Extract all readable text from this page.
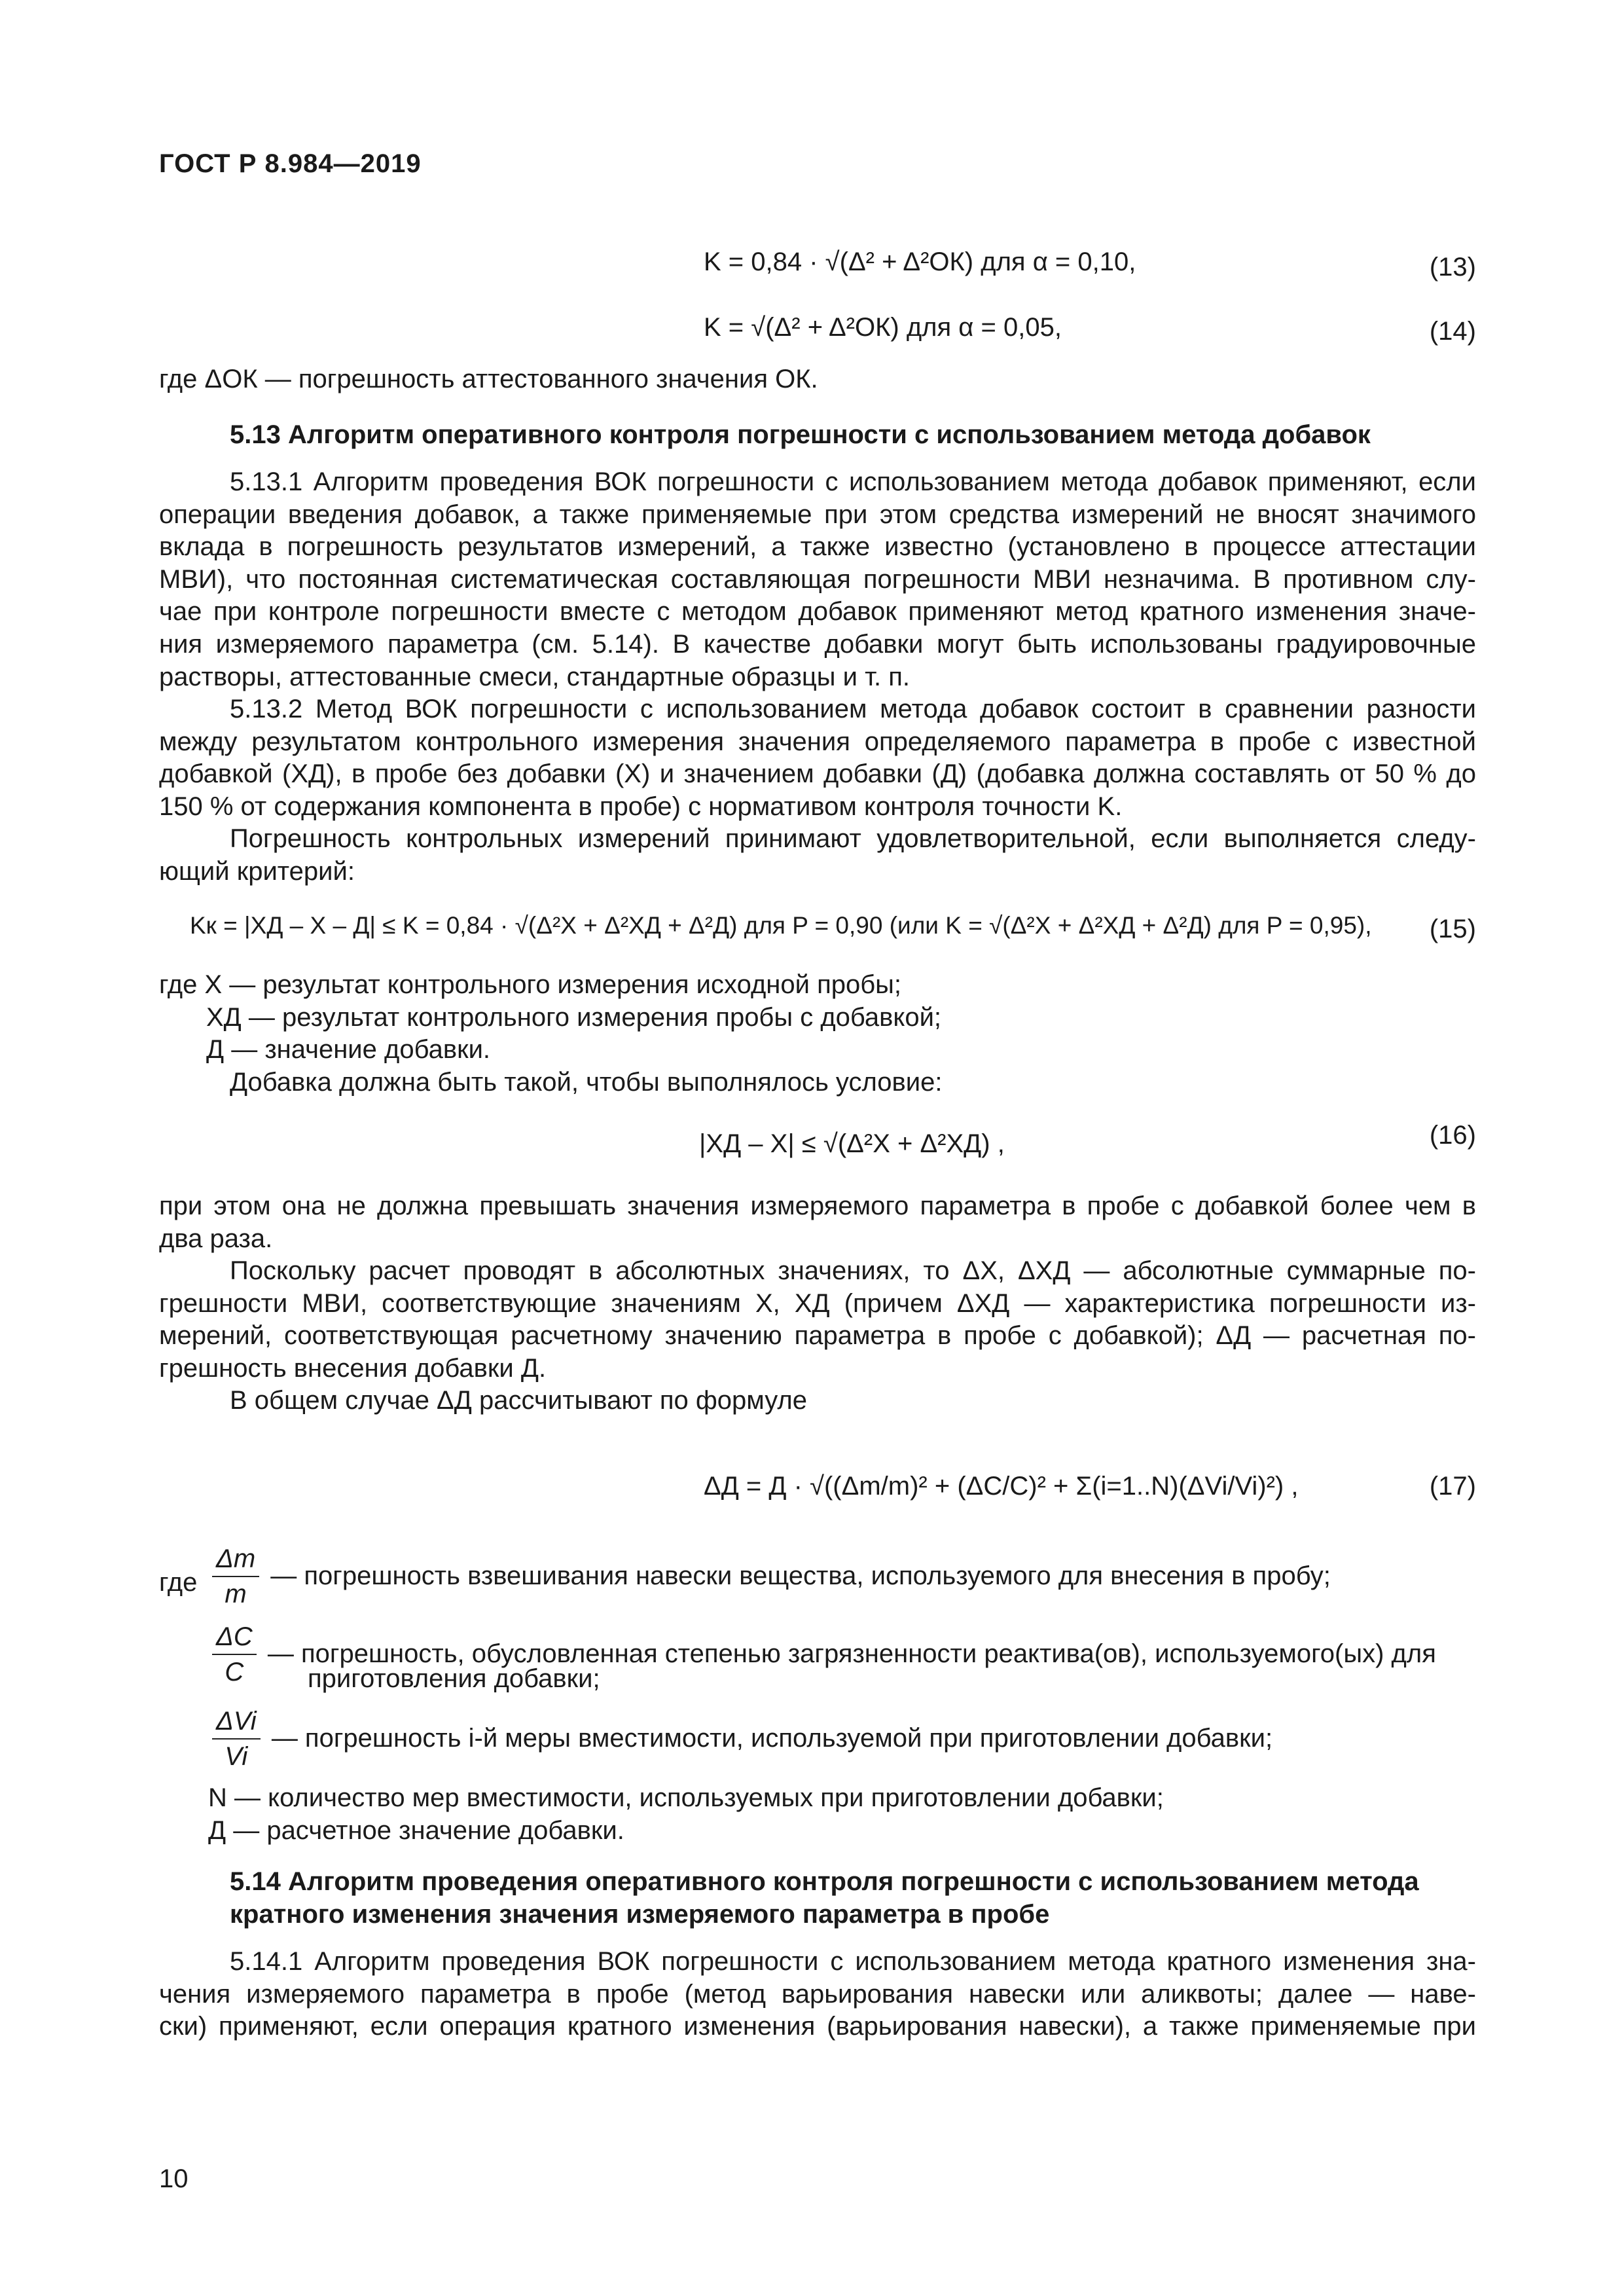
ГОСТ Р 8.984—2019
K = 0,84 · √(Δ² + Δ²ОК) для α = 0,10,	(13)
K = √(Δ² + Δ²ОК) для α = 0,05,	(14)
где ΔОК — погрешность аттестованного значения ОК.
5.13 Алгоритм оперативного контроля погрешности с использованием метода добавок
5.13.1 Алгоритм проведения ВОК погрешности с использованием метода добавок применяют, если
операции введения добавок, а также применяемые при этом средства измерений не вносят значимого
вклада в погрешность результатов измерений, а также известно (установлено в процессе аттестации
МВИ), что постоянная систематическая составляющая погрешности МВИ незначима. В противном слу-
чае при контроле погрешности вместе с методом добавок применяют метод кратного изменения значе-
ния измеряемого параметра (см. 5.14). В качестве добавки могут быть использованы градуировочные
растворы, аттестованные смеси, стандартные образцы и т. п.
5.13.2 Метод ВОК погрешности с использованием метода добавок состоит в сравнении разности
между результатом контрольного измерения значения определяемого параметра в пробе с известной
добавкой (XД), в пробе без добавки (X) и значением добавки (Д) (добавка должна составлять от 50 % до
150 % от содержания компонента в пробе) с нормативом контроля точности K.
Погрешность контрольных измерений принимают удовлетворительной, если выполняется следу-
ющий критерий:
Kк = |XД – X – Д| ≤ K = 0,84 · √(Δ²X + Δ²XД + Δ²Д) для P = 0,90 (или K = √(Δ²X + Δ²XД + Δ²Д) для P = 0,95), (15)
где X — результат контрольного измерения исходной пробы;
XД — результат контрольного измерения пробы с добавкой;
Д — значение добавки.
Добавка должна быть такой, чтобы выполнялось условие:
|XД – X| ≤ √(Δ²X + Δ²XД) ,	(16)
при этом она не должна превышать значения измеряемого параметра в пробе с добавкой более чем в
два раза.
Поскольку расчет проводят в абсолютных значениях, то ΔX, ΔXД — абсолютные суммарные по-
грешности МВИ, соответствующие значениям X, XД (причем ΔXД — характеристика погрешности из-
мерений, соответствующая расчетному значению параметра в пробе с добавкой); ΔД — расчетная по-
грешность внесения добавки Д.
В общем случае ΔД рассчитывают по формуле
ΔД = Д · √((Δm/m)² + (ΔC/C)² + Σ(i=1..N)(ΔVi/Vi)²) ,	(17)
где $\frac{\Delta m}{m}$ — погрешность взвешивания навески вещества, используемого для внесения в пробу;
$\frac{\Delta C}{C}$ — погрешность, обусловленная степенью загрязненности реактива(ов), используемого(ых) для
приготовления добавки;
$\frac{\text{ΔVi}}{Vi}$ — погрешность i-й меры вместимости, используемой при приготовлении добавки;
N — количество мер вместимости, используемых при приготовлении добавки;
Д — расчетное значение добавки.
5.14 Алгоритм проведения оперативного контроля погрешности с использованием метода
кратного изменения значения измеряемого параметра в пробе
5.14.1 Алгоритм проведения ВОК погрешности с использованием метода кратного изменения зна-
чения измеряемого параметра в пробе (метод варьирования навески или аликвоты; далее — наве-
ски) применяют, если операция кратного изменения (варьирования навески), а также применяемые при
10
